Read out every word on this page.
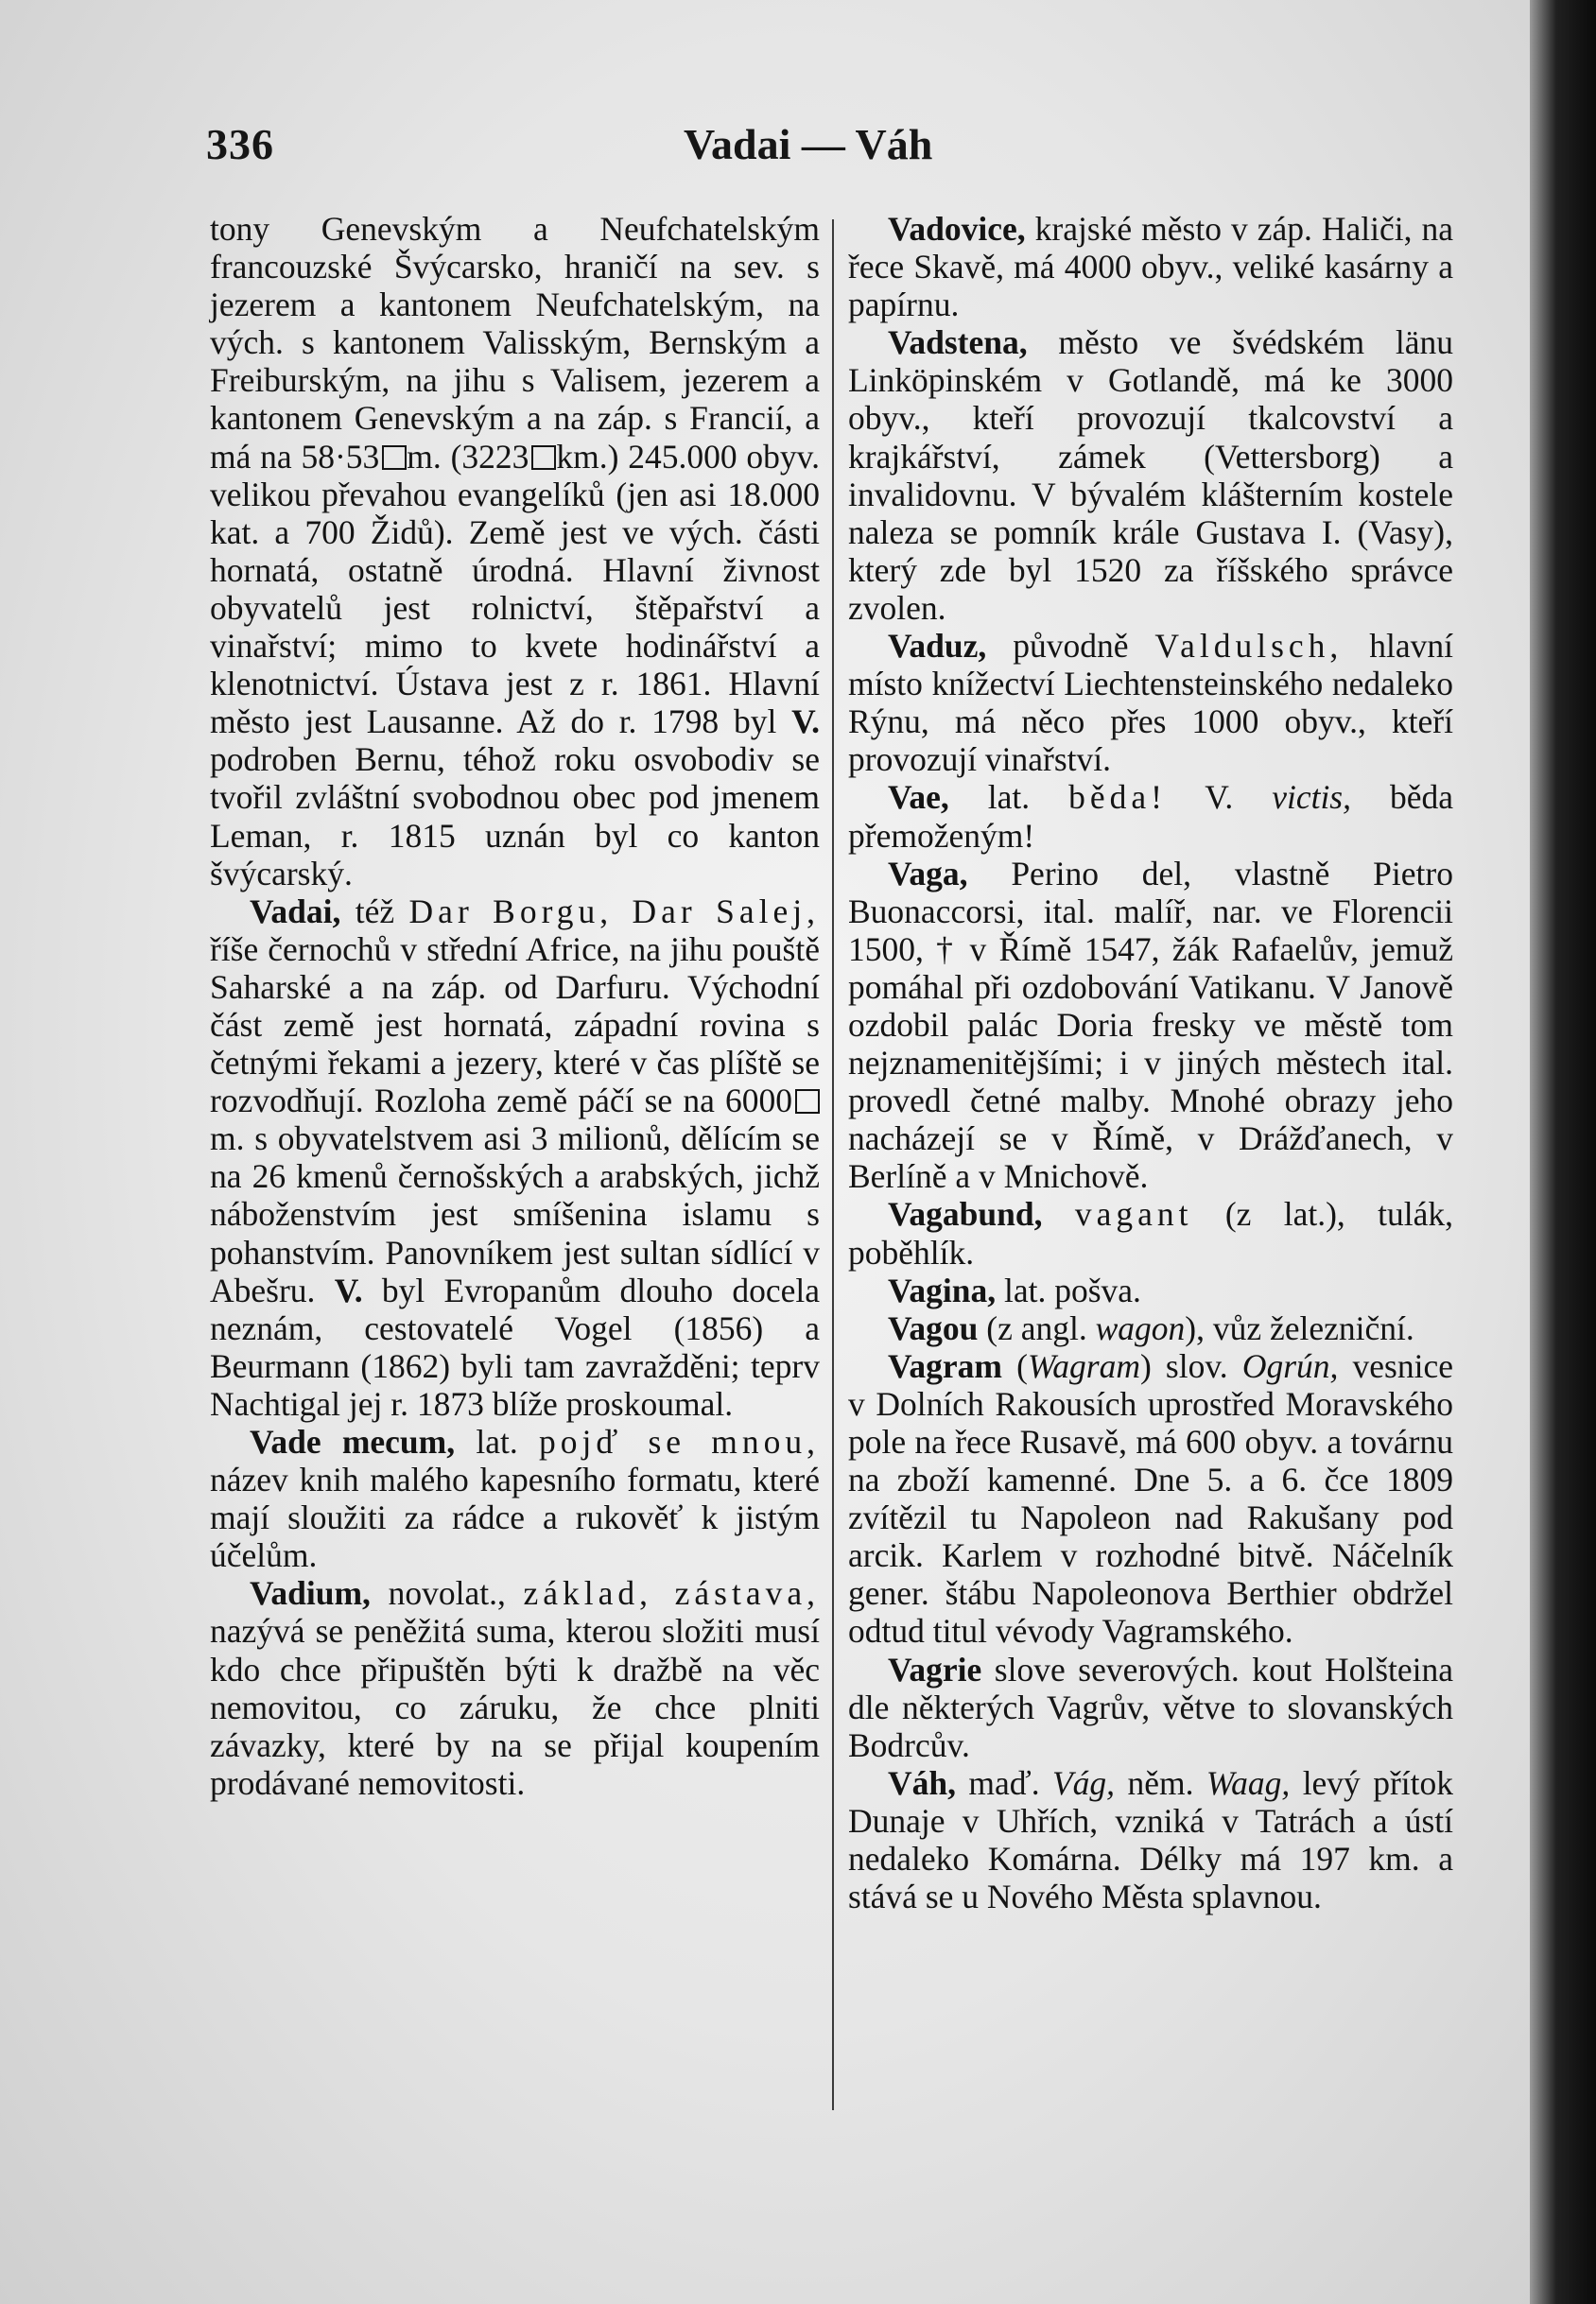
336	Vadai — Váh

tony Genevským a Neufchatelským francouzské Švýcarsko, hraničí na sev. s jezerem a kantonem Neufchatelským, na vých. s kantonem Valisským, Bernským a Freiburským, na jihu s Valisem, jezerem a kantonem Genevským a na záp. s Francií, a má na 58·53 m. (3223 km.) 245.000 obyv. velikou převahou evangelíků (jen asi 18.000 kat. a 700 Židů). Země jest ve vých. části hornatá, ostatně úrodná. Hlavní živnost obyvatelů jest rolnictví, štěpařství a vinařství; mimo to kvete hodinářství a klenotnictví. Ústava jest z r. 1861. Hlavní město jest Lausanne. Až do r. 1798 byl V. podroben Bernu, téhož roku osvobodiv se tvořil zvláštní svobodnou obec pod jmenem Leman, r. 1815 uznán byl co kanton švýcarský.

Vadai, též Dar Borgu, Dar Salej, říše černochů v střední Africe, na jihu pouště Saharské a na záp. od Darfuru. Východní část země jest hornatá, západní rovina s četnými řekami a jezery, které v čas plíště se rozvodňují. Rozloha země páčí se na 6000m. s obyvatelstvem asi 3 milionů, dělícím se na 26 kmenů černošských a arabských, jichž náboženstvím jest smíšenina islamu s pohanstvím. Panovníkem jest sultan sídlící v Abešru. V. byl Evropanům dlouho docela neznám, cestovatelé Vogel (1856) a Beurmann (1862) byli tam zavražděni; teprv Nachtigal jej r. 1873 blíže proskoumal.

Vade mecum, lat. pojď se mnou, název knih malého kapesního formatu, které mají sloužiti za rádce a rukověť k jistým účelům.

Vadium, novolat., základ, zástava, nazývá se peněžitá suma, kterou složiti musí kdo chce připuštěn býti k dražbě na věc nemovitou, co záruku, že chce plniti závazky, které by na se přijal koupením prodávané nemovitosti.

Vadovice, krajské město v záp. Haliči, na řece Skavě, má 4000 obyv., veliké kasárny a papírnu.

Vadstena, město ve švédském länu Linköpinském v Gotlandě, má ke 3000 obyv., kteří provozují tkalcovství a krajkářství, zámek (Vettersborg) a invalidovnu. V bývalém klášterním kostele naleza se pomník krále Gustava I. (Vasy), který zde byl 1520 za říšského správce zvolen.

Vaduz, původně Valdulsch, hlavní místo knížectví Liechtensteinského nedaleko Rýnu, má něco přes 1000 obyv., kteří provozují vinařství.

Vae, lat. běda! V. victis, běda přemoženým!

Vaga, Perino del, vlastně Pietro Buonaccorsi, ital. malíř, nar. ve Florencii 1500, † v Římě 1547, žák Rafaelův, jemuž pomáhal při ozdobování Vatikanu. V Janově ozdobil palác Doria fresky ve městě tom nejznamenitějšími; i v jiných městech ital. provedl četné malby. Mnohé obrazy jeho nacházejí se v Římě, v Drážďanech, v Berlíně a v Mnichově.

Vagabund, vagant (z lat.), tulák, poběhlík.

Vagina, lat. pošva.

Vagou (z angl. wagon), vůz železniční.

Vagram (Wagram) slov. Ogrún, vesnice v Dolních Rakousích uprostřed Moravského pole na řece Rusavě, má 600 obyv. a továrnu na zboží kamenné. Dne 5. a 6. čce 1809 zvítězil tu Napoleon nad Rakušany pod arcik. Karlem v rozhodné bitvě. Náčelník gener. štábu Napoleonova Berthier obdržel odtud titul vévody Vagramského.

Vagrie slove severových. kout Holšteina dle některých Vagrův, větve to slovanských Bodrcův.

Váh, maď. Vág, něm. Waag, levý přítok Dunaje v Uhřích, vzniká v Tatrách a ústí nedaleko Komárna. Délky má 197 km. a stává se u Nového Města splavnou.
